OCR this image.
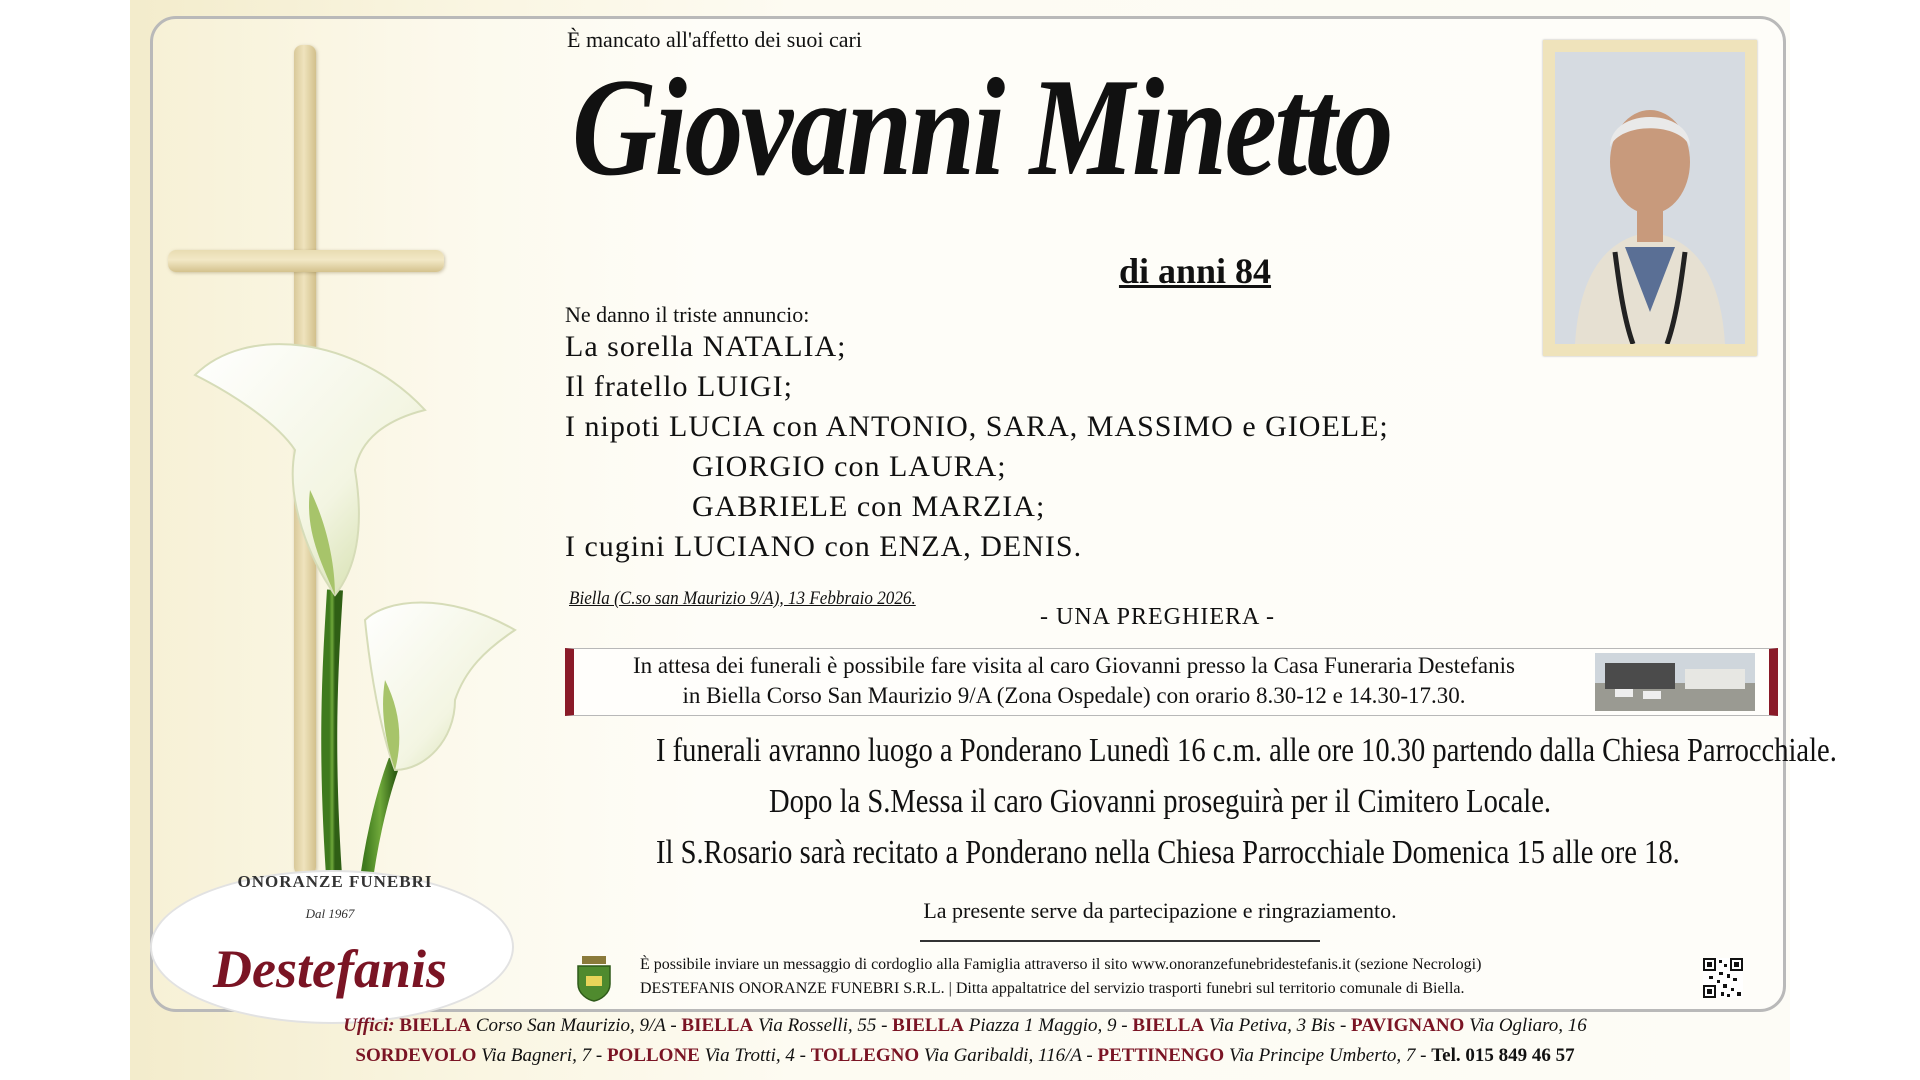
ONORANZE FUNEBRI
Dal 1967
Destefanis
È mancato all'affetto dei suoi cari
Giovanni Minetto
di anni 84
Ne danno il triste annuncio:
La sorella NATALIA;
Il fratello LUIGI;
I nipoti LUCIA con ANTONIO, SARA, MASSIMO e GIOELE;
GIORGIO con LAURA;
GABRIELE con MARZIA;
I cugini LUCIANO con ENZA, DENIS.
Biella (C.so san Maurizio 9/A), 13 Febbraio 2026.
- UNA PREGHIERA -
In attesa dei funerali è possibile fare visita al caro Giovanni presso la Casa Funeraria Destefanis
in Biella Corso San Maurizio 9/A (Zona Ospedale) con orario 8.30-12 e 14.30-17.30.
I funerali avranno luogo a Ponderano Lunedì 16 c.m. alle ore 10.30 partendo dalla Chiesa Parrocchiale.
Dopo la S.Messa il caro Giovanni proseguirà per il Cimitero Locale.
Il S.Rosario sarà recitato a Ponderano nella Chiesa Parrocchiale Domenica 15 alle ore 18.
La presente serve da partecipazione e ringraziamento.
È possibile inviare un messaggio di cordoglio alla Famiglia attraverso il sito www.onoranzefunebridestefanis.it (sezione Necrologi)
DESTEFANIS ONORANZE FUNEBRI S.R.L. | Ditta appaltatrice del servizio trasporti funebri sul territorio comunale di Biella.
Uffici: BIELLA Corso San Maurizio, 9/A - BIELLA Via Rosselli, 55 - BIELLA Piazza 1 Maggio, 9 - BIELLA Via Petiva, 3 Bis - PAVIGNANO Via Ogliaro, 16
SORDEVOLO Via Bagneri, 7 - POLLONE Via Trotti, 4 - TOLLEGNO Via Garibaldi, 116/A - PETTINENGO Via Principe Umberto, 7 - Tel. 015 849 46 57
